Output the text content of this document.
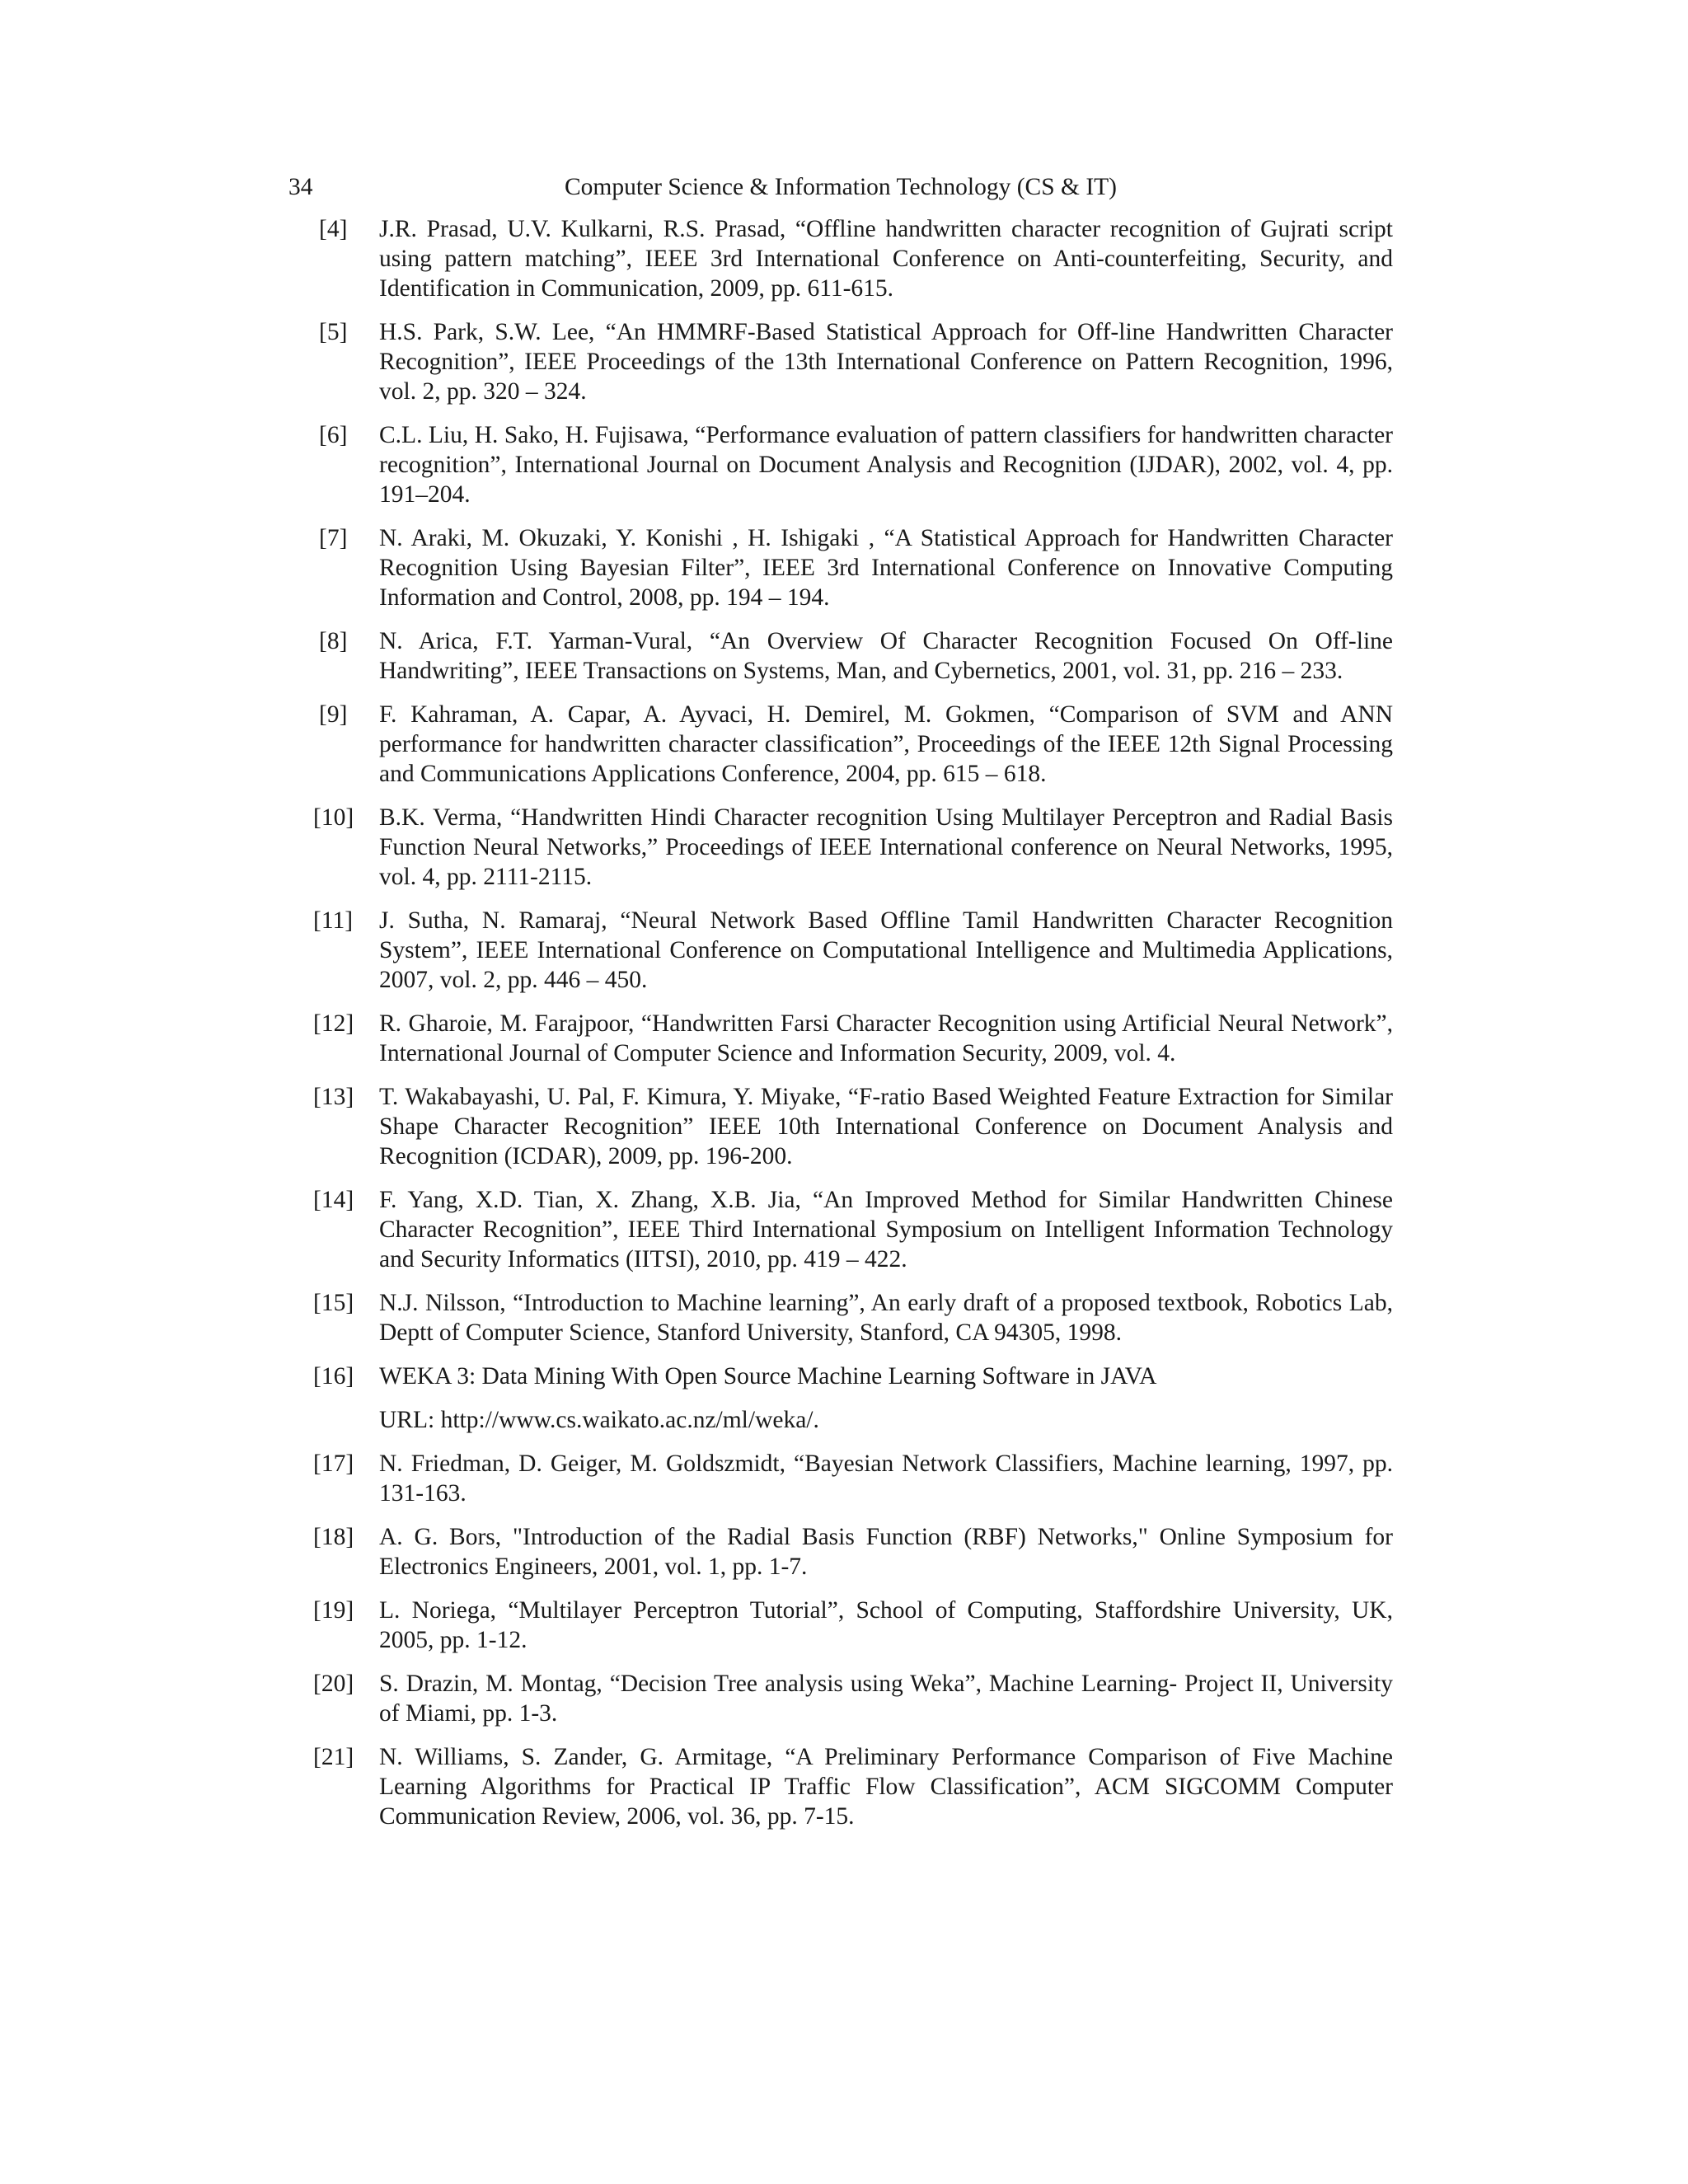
34	Computer Science & Information Technology (CS & IT)
[4] J.R. Prasad, U.V. Kulkarni, R.S. Prasad, “Offline handwritten character recognition of Gujrati script using pattern matching”, IEEE 3rd International Conference on Anti-counterfeiting, Security, and Identification in Communication, 2009, pp. 611-615.
[5] H.S. Park, S.W. Lee, “An HMMRF-Based Statistical Approach for Off-line Handwritten Character Recognition”, IEEE Proceedings of the 13th International Conference on Pattern Recognition, 1996, vol. 2, pp. 320 – 324.
[6] C.L. Liu, H. Sako, H. Fujisawa, “Performance evaluation of pattern classifiers for handwritten character recognition”, International Journal on Document Analysis and Recognition (IJDAR), 2002, vol. 4, pp. 191–204.
[7] N. Araki, M. Okuzaki, Y. Konishi , H. Ishigaki , “A Statistical Approach for Handwritten Character Recognition Using Bayesian Filter”, IEEE 3rd International Conference on Innovative Computing Information and Control, 2008, pp. 194 – 194.
[8] N. Arica, F.T. Yarman-Vural, “An Overview Of Character Recognition Focused On Off-line Handwriting”, IEEE Transactions on Systems, Man, and Cybernetics, 2001, vol. 31, pp. 216 – 233.
[9] F. Kahraman, A. Capar, A. Ayvaci, H. Demirel, M. Gokmen, “Comparison of SVM and ANN performance for handwritten character classification”, Proceedings of the IEEE 12th Signal Processing and Communications Applications Conference, 2004, pp. 615 – 618.
[10] B.K. Verma, “Handwritten Hindi Character recognition Using Multilayer Perceptron and Radial Basis Function Neural Networks,” Proceedings of IEEE International conference on Neural Networks, 1995, vol. 4, pp. 2111-2115.
[11] J. Sutha, N. Ramaraj, “Neural Network Based Offline Tamil Handwritten Character Recognition System”, IEEE International Conference on Computational Intelligence and Multimedia Applications, 2007, vol. 2, pp. 446 – 450.
[12] R. Gharoie, M. Farajpoor, “Handwritten Farsi Character Recognition using Artificial Neural Network”, International Journal of Computer Science and Information Security, 2009, vol. 4.
[13] T. Wakabayashi, U. Pal, F. Kimura, Y. Miyake, “F-ratio Based Weighted Feature Extraction for Similar Shape Character Recognition” IEEE 10th International Conference on Document Analysis and Recognition (ICDAR), 2009, pp. 196-200.
[14] F. Yang, X.D. Tian, X. Zhang, X.B. Jia, “An Improved Method for Similar Handwritten Chinese Character Recognition”, IEEE Third International Symposium on Intelligent Information Technology and Security Informatics (IITSI), 2010, pp. 419 – 422.
[15] N.J. Nilsson, “Introduction to Machine learning”, An early draft of a proposed textbook, Robotics Lab, Deptt of Computer Science, Stanford University, Stanford, CA 94305, 1998.
[16] WEKA 3: Data Mining With Open Source Machine Learning Software in JAVA
URL: http://www.cs.waikato.ac.nz/ml/weka/.
[17] N. Friedman, D. Geiger, M. Goldszmidt, “Bayesian Network Classifiers, Machine learning, 1997, pp. 131-163.
[18] A. G. Bors, "Introduction of the Radial Basis Function (RBF) Networks," Online Symposium for Electronics Engineers, 2001, vol. 1, pp. 1-7.
[19] L. Noriega, “Multilayer Perceptron Tutorial”, School of Computing, Staffordshire University, UK, 2005, pp. 1-12.
[20] S. Drazin, M. Montag, “Decision Tree analysis using Weka”, Machine Learning- Project II, University of Miami, pp. 1-3.
[21] N. Williams, S. Zander, G. Armitage, “A Preliminary Performance Comparison of Five Machine Learning Algorithms for Practical IP Traffic Flow Classification”, ACM SIGCOMM Computer Communication Review, 2006, vol. 36, pp. 7-15.
